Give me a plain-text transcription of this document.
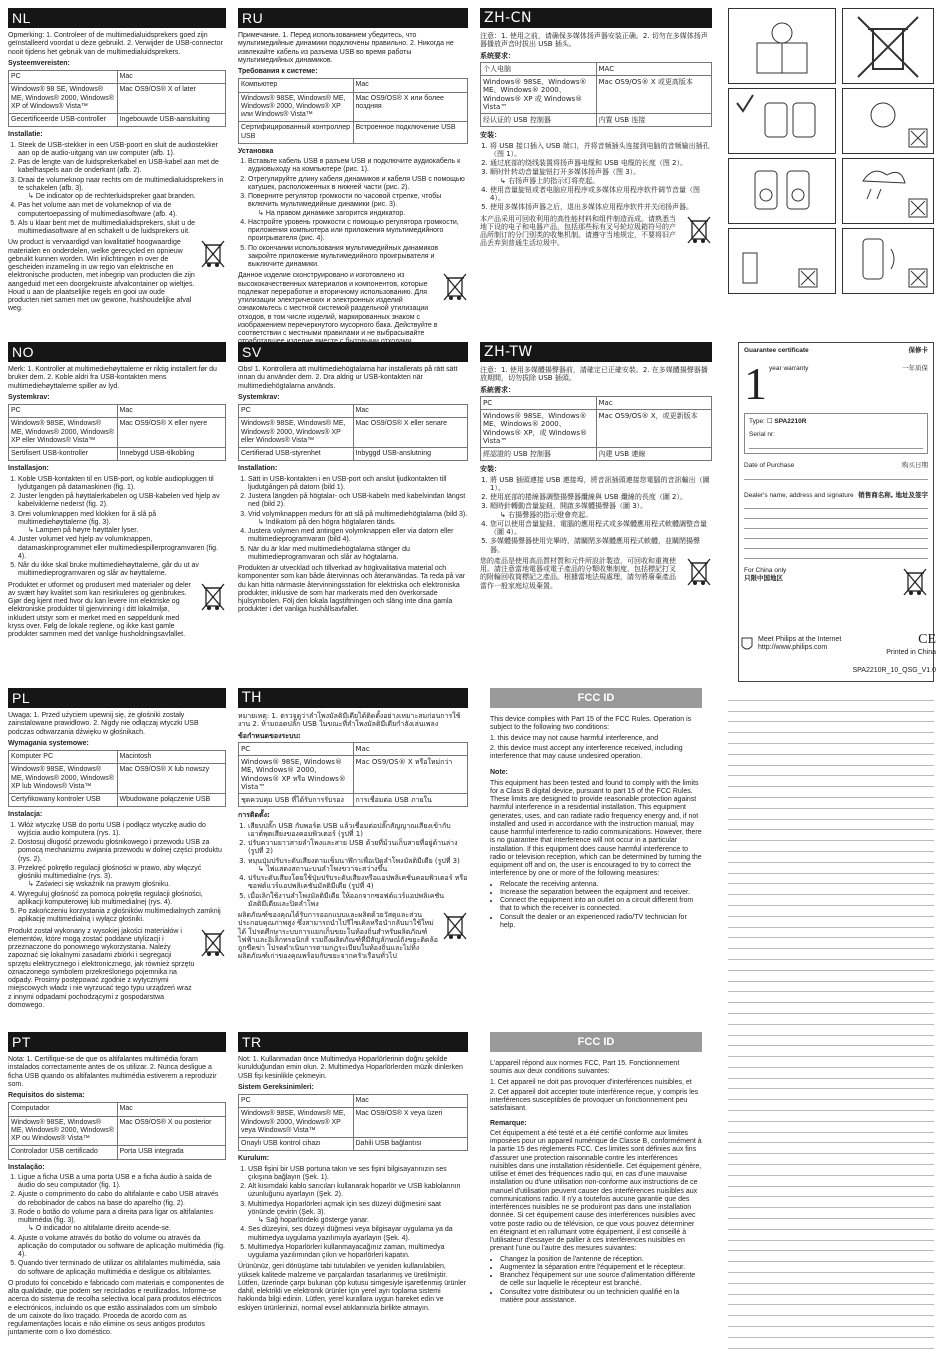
NL
Opmerking: 1. Controleer of de multimedialuidsprekers goed zijn geïnstalleerd voordat u deze gebruikt. 2. Verwijder de USB-connector nooit tijdens het gebruik van de multimedialuidsprekers.
Systeemvereisten:
PC	Mac
Windows® 98 SE, Windows® ME, Windows® 2000, Windows® XP of Windows® Vista™	Mac OS9/OS® X of later
Gecertificeerde USB-controller	Ingebouwde USB-aansluiting
Installatie:
1. Steek de USB-stekker in een USB-poort en sluit de audiostekker aan op de audio-uitgang van uw computer (afb. 1).
2. Pas de lengte van de luidsprekerkabel en USB-kabel aan met de kabelhaspels aan de onderkant (afb. 2).
3. Draai de volumeknop naar rechts om de multimedialuidsprekers in te schakelen (afb. 3).
↳ De indicator op de rechterluidspreker gaat branden.
4. Pas het volume aan met de volumeknop of via de computertoepassing of multimediasoftware (afb. 4).
5. Als u klaar bent met de multimedialuidsprekers, sluit u de multimediasoftware af en schakelt u de luidsprekers uit.
Uw product is vervaardigd van kwalitatief hoogwaardige materialen en onderdelen, welke gerecycled en opnieuw gebruikt kunnen worden. Win inlichtingen in over de gescheiden inzameling in uw regio van elektrische en elektronische producten, met inbegrip van producten die zijn aangeduid met een doorgekruiste afvalcontainer op wieltjes. Houd u aan de plaatselijke regels en gooi uw oude producten niet samen met uw gewone, huishoudelijke afval weg.
RU
Примечание. 1. Перед использованием убедитесь, что мультимедийные динамики подключены правильно. 2. Никогда не извлекайте кабель из разъема USB во время работы мультимедийных динамиков.
Требования к системе:
Компьютер	Mac
Windows® 98SE, Windows® ME, Windows® 2000, Windows® XP или Windows® Vista™	Mac OS9/OS® X или более поздняя
Сертифицированный контроллер USB	Встроенное подключение USB
Установка
1. Вставьте кабель USB в разъем USB и подключите аудиокабель к аудиовыходу на компьютере (рис. 1).
2. Отрегулируйте длину кабеля динамиков и кабеля USB с помощью катушек, расположенных в нижней части (рис. 2).
3. Поверните регулятор громкости по часовой стрелке, чтобы включить мультимедийные динамики (рис. 3).
↳ На правом динамике загорится индикатор.
4. Настройте уровень громкости с помощью регулятора громкости, приложения компьютера или приложения мультимедийного проигрывателя (рис. 4).
5. По окончании использования мультимедийных динамиков закройте приложение мультимедийного проигрывателя и выключите динамики.
Данное изделие сконструировано и изготовлено из высококачественных материалов и компонентов, которые подлежат переработке и вторичному использованию. Для утилизации электрических и электронных изделий ознакомьтесь с местной системой раздельной утилизации отходов, в том числе изделий, маркированных знаком с изображением перечеркнутого мусорного бака. Действуйте в соответствии с местными правилами и не выбрасывайте
ZH-CN
注意：1. 使用之前，请确保多媒体扬声器安装正确。2. 切勿在多媒体扬声器播放声音时拔出 USB 插头。
系统要求：
个人电脑	MAC
Windows® 98SE、Windows® ME、Windows® 2000、Windows® XP 或 Windows® Vista™	Mac OS9/OS® X 或更高版本
经认证的 USB 控制器	内置 USB 连接
安装：
1. 将 USB 接口插入 USB 端口，并将音频插头连接到电脑的音频输出插孔（图 1）。
2. 通过底部的绕线装置将扬声器电缆和 USB 电缆的长度（图 2）。
3. 顺时针转动音量旋钮打开多媒体扬声器（图 3）。
↳ 右扬声器上的指示灯将亮起。
4. 使用音量旋钮或者电脑应用程序或多媒体应用程序软件调节音量（图 4）。
5. 使用多媒体扬声器之后，退出多媒体应用程序软件并关闭扬声器。
本产品采用可回收利用的高性能材料和组件制造而成。请熟悉当地下设的电子和电器产品，包括那些标有叉号轮垃圾箱符号的产品所制订的分门别类的收集机制。请遵守当地规定，不要将旧产品丢弃到普通生活垃圾中。
NO
Merk: 1. Kontroller at multimediehøyttalerne er riktig installert før du bruker dem. 2. Koble aldri fra USB-kontakten mens multimediehøyttalerne spiller av lyd.
Systemkrav:
PC	Mac
Windows® 98SE, Windows® ME, Windows® 2000, Windows® XP eller Windows® Vista™	Mac OS9/OS® X eller nyere
Sertifisert USB-kontroller	Innebygd USB-tilkobling
Installasjon:
1. Koble USB-kontakten til en USB-port, og koble audiopluggen til lydutgangen på datamaskinen (fig. 1).
2. Juster lengden på høyttalerkabelen og USB-kabelen ved hjelp av kabelviklerne nederst (fig. 2).
3. Drei volumknappen med klokken for å slå på multimediehøyttalerne (fig. 3).
↳ Lampen på høyre høyttaler lyser.
4. Juster volumet ved hjelp av volumknappen, datamaskinprogrammet eller multimediespillerprogramvaren (fig. 4).
5. Når du ikke skal bruke multimediehøyttalerne, går du ut av multimedieprogramvaren og slår av høyttalerne.
Produktet er utformet og produsert med materialer og deler av svært høy kvalitet som kan resirkuleres og gjenbrukes. Gjør deg kjent med hvor du kan levere inn elektriske og elektroniske produkter til gjenvinning i ditt lokalmiljø, inkludert utstyr som er merket med en søppeldunk med kryss over. Følg de lokale reglene, og ikke kast gamle produkter sammen med det vanlige husholdningsavfallet.
SV
Obs! 1. Kontrollera att multimediehögtalarna har installerats på rätt sätt innan du använder dem. 2. Dra aldrig ur USB-kontakten när multimediehögtalarna används.
Systemkrav:
PC	Mac
Windows® 98SE, Windows® ME, Windows® 2000, Windows® XP eller Windows® Vista™	Mac OS9/OS® X eller senare
Certifierad USB-styrenhet	Inbyggd USB-anslutning
Installation:
1. Sätt in USB-kontakten i en USB-port och anslut ljudkontakten till ljudutgången på datorn (bild 1).
2. Justera längden på högtalar- och USB-kabeln med kabelvindan längst ned (bild 2).
3. Vrid volymknappen medurs för att slå på multimediehögtalarna (bild 3).
↳ Indikatorn på den högra högtalaren tänds.
4. Justera volymen med antingen volymknappen eller via datorn eller multimedieprogramvaran (bild 4).
5. När du är klar med multimediehögtalarna stänger du multimedieprogramvaran och slår av högtalarna.
Produkten är utvecklad och tillverkad av högkvalitativa material och komponenter som kan både återvinnas och återanvändas. Ta reda på var du kan hitta närmaste återvinningsstation för elektriska och elektroniska produkter, inklusive de som har markerats med den överkorsade hjulsymbolen. Följ den lokala lagstiftningen och släng inte dina gamla produkter i det vanliga hushållsavfallet.
ZH-TW
注意：1. 使用多媒體揚聲器前，請確定已正確安裝。2. 在多媒體揚聲器播放期間，切勿拔除 USB 插頭。
系統需求：
PC	Mac
Windows® 98SE、Windows® ME、Windows® 2000、Windows® XP，或 Windows® Vista™	Mac OS9/OS® X，或更新版本
經認證的 USB 控制器	內建 USB 連線
安裝：
1. 將 USB 插頭連接 USB 連接埠，將音訊插頭連接您電腦的音訊輸出（圖 1）。
2. 使用底部的捲線器調整揚聲器纜線與 USB 纜線的長度（圖 2）。
3. 順時針轉動音量旋鈕，開啟多媒體揚聲器（圖 3）。
↳ 右揚聲器的指示燈會亮起。
4. 您可以使用音量旋鈕、電腦的應用程式或多媒體應用程式軟體調整音量（圖 4）。
5. 多媒體揚聲器使用完畢時，請關閉多媒體應用程式軟體，並關閉揚聲器。
您的產品是使用高品質材質和元件所設計製造，可回收和重複使用。請注意當地電器或電子產品的分類收集制度，包括標記打叉的附輪回收筒標記之產品。根據當地法規處理，請勿將廢棄產品當作一般家庭垃圾棄置。
Guarantee certificate	保修卡
1 year warranty	一年质保
Type: ☐ SPA2210R
Serial nr:
Date of Purchase	购买日期
Dealer's name, address and signature 销售商名称, 地址及签字
For China only
只限中国地区
Meet Philips at the Internet
http://www.philips.com
CE
Printed in China
SPA2210R_10_QSG_V1.0
PL
Uwaga: 1. Przed użyciem upewnij się, że głośniki zostały zainstalowane prawidłowo. 2. Nigdy nie odłączaj wtyczki USB podczas odtwarzania dźwięku w głośnikach.
Wymagania systemowe:
Komputer PC	Macintosh
Windows® 98SE, Windows® ME, Windows® 2000, Windows® XP lub Windows® Vista™	Mac OS9/OS® X lub nowszy
Certyfikowany kontroler USB	Wbudowane połączenie USB
Instalacja:
1. Włóż wtyczkę USB do portu USB i podłącz wtyczkę audio do wyjścia audio komputera (rys. 1).
2. Dostosuj długość przewodu głośnikowego i przewodu USB za pomocą mechanizmu zwijania przewodu w dolnej części produktu (rys. 2).
3. Przekręć pokrętło regulacji głośności w prawo, aby włączyć głośniki multimedialne (rys. 3).
↳ Zaświeci się wskaźnik na prawym głośniku.
4. Wyreguluj głośność za pomocą pokrętła regulacji głośności, aplikacji komputerowej lub multimedialnej (rys. 4).
5. Po zakończeniu korzystania z głośników multimedialnych zamknij aplikację multimedialną i wyłącz głośniki.
Produkt został wykonany z wysokiej jakości materiałów i elementów, które mogą zostać poddane utylizacji i przeznaczone do ponownego wykorzystania. Należy zapoznać się lokalnymi zasadami zbiórki i segregacji sprzętu elektrycznego i elektronicznego, jak również sprzętu oznaczonego symbolem przekreślonego pojemnika na odpady. Prosimy postępować zgodnie z wytycznymi miejscowych władz i nie wyrzucać tego typu urządzeń wraz z innymi odpadami pochodzącymi z gospodarstwa domowego.
TH
หมายเหตุ: 1. ตรวจดูว่าลำโพงมัลติมีเดียได้ติดตั้งอย่างเหมาะสมก่อนการใช้งาน 2. ห้ามถอดปลั๊ก USB ในขณะที่ลำโพงมัลติมีเดียกำลังเล่นเพลง
ข้อกำหนดของระบบ:
PC	Mac
Windows® 98SE, Windows® ME, Windows® 2000, Windows® XP หรือ Windows® Vista™	Mac OS9/OS® X หรือใหม่กว่า
ชุดควบคุม USB ที่ได้รับการรับรอง	การเชื่อมต่อ USB ภายใน
การติดตั้ง:
1. เสียบปลั๊ก USB กับพอร์ต USB แล้วเชื่อมต่อปลั๊กสัญญาณเสียงเข้ากับเอาต์พุตเสียงของคอมพิวเตอร์ (รูปที่ 1)
2. ปรับความยาวสายลำโพงและสาย USB ด้วยที่ม้วนเก็บสายที่อยู่ด้านล่าง (รูปที่ 2)
3. หมุนปุ่มปรับระดับเสียงตามเข็มนาฬิกาเพื่อเปิดลำโพงมัลติมีเดีย (รูปที่ 3)
↳ ไฟแสดงสถานะบนลำโพงขวาจะสว่างขึ้น
4. ปรับระดับเสียงโดยใช้ปุ่มปรับระดับเสียงหรือแอปพลิเคชันคอมพิวเตอร์ หรือซอฟต์แวร์แอปพลิเคชันมัลติมีเดีย (รูปที่ 4)
5. เมื่อเลิกใช้งานลำโพงมัลติมีเดีย ให้ออกจากซอฟต์แวร์แอปพลิเคชันมัลติมีเดียและปิดลำโพง
ผลิตภัณฑ์ของคุณได้รับการออกแบบและผลิตด้วยวัสดุและส่วนประกอบคุณภาพสูง ซึ่งสามารถนำไปรีไซเคิลหรือนำกลับมาใช้ใหม่ได้ โปรดศึกษาระบบการแยกเก็บขยะในท้องถิ่นสำหรับผลิตภัณฑ์ไฟฟ้าและอิเล็กทรอนิกส์ รวมถึงผลิตภัณฑ์ที่มีสัญลักษณ์ถังขยะติดล้อถูกขีดฆ่า โปรดดำเนินการตามกฎระเบียบในท้องถิ่นและไม่ทิ้งผลิตภัณฑ์เก่าของคุณพร้อมกับขยะจากครัวเรือนทั่วไป
FCC ID

This device complies with Part 15 of the FCC Rules. Operation is subject to the following two conditions:

1. this device may not cause harmful interference, and

2. this device must accept any interference received, including interference that may cause undesired operation.

Note:

This equipment has been tested and found to comply with the limits for a Class B digital device, pursuant to part 15 of the FCC Rules. These limits are designed to provide reasonable protection against harmful interference in a residential installation. This equipment generates, uses, and can radiate radio frequency energy and, if not installed and used in accordance with the instruction manual, may cause harmful interference to radio communications. However, there is no guarantee that interference will not occur in a particular installation. If this equipment does cause harmful interference to radio or television reception, which can be determined by turning the equipment off and on, the user is encouraged to try to correct the interference by one or more of the following measures:

• Relocate the receiving antenna.
• Increase the separation between the equipment and receiver.
• Connect the equipment into an outlet on a circuit different from that to which the receiver is connected.
• Consult the dealer or an experienced radio/TV technician for help.
PT
Nota: 1. Certifique-se de que os altifalantes multimédia foram instalados correctamente antes de os utilizar. 2. Nunca desligue a ficha USB quando os altifalantes multimédia estiverem a reproduzir som.
Requisitos do sistema:
Computador	Mac
Windows® 98SE, Windows® ME, Windows® 2000, Windows® XP ou Windows® Vista™	Mac OS9/OS® X ou posterior
Controlador USB certificado	Porta USB integrada
Instalação:
1. Ligue a ficha USB a uma porta USB e a ficha áudio à saída de áudio do seu computador (fig. 1).
2. Ajuste o comprimento do cabo do altifalante e cabo USB através do rebobinador de cabos na base do aparelho (fig. 2).
3. Rode o botão do volume para a direita para ligar os altifalantes multimédia (fig. 3).
↳ O indicador no altifalante direito acende-se.
4. Ajuste o volume através do botão do volume ou através da aplicação do computador ou software de aplicação multimédia (fig. 4).
5. Quando tiver terminado de utilizar os altifalantes multimédia, saia do software de aplicação multimédia e desligue os altifalantes.
O produto foi concebido e fabricado com materiais e componentes de alta qualidade, que podem ser reciclados e reutilizados. Informe-se acerca do sistema de recolha selectiva local para produtos eléctricos e electrónicos, incluindo os que estão assinalados com um símbolo de um caixote do lixo traçado. Proceda de acordo com as regulamentações locais e não elimine os seus antigos produtos juntamente com o lixo doméstico.
TR
Not: 1. Kullanmadan önce Multimedya Hoparlörlerinin doğru şekilde kurulduğundan emin olun. 2. Multimedya Hoparlörlerden müzik dinlerken USB fişi kesinlikle çekmeyin.
Sistem Gereksinimleri:
PC	Mac
Windows® 98SE, Windows® ME, Windows® 2000, Windows® XP veya Windows® Vista™	Mac OS9/OS® X veya üzeri
Onaylı USB kontrol cihazı	Dahili USB bağlantısı
Kurulum:
1. USB fişini bir USB portuna takın ve ses fişini bilgisayarınızın ses çıkışına bağlayın (Şek. 1).
2. Alt kısımdaki kablo sarıcıları kullanarak hoparlör ve USB kablolarının uzunluğunu ayarlayın (Şek. 2).
3. Multimedya Hoparlörleri açmak için ses düzeyi düğmesini saat yönünde çevirin (Şek. 3).
↳ Sağ hoparlördeki gösterge yanar.
4. Ses düzeyini, ses düzeyi düğmesi veya bilgisayar uygulama ya da multimedya uygulama yazılımıyla ayarlayın (Şek. 4).
5. Multimedya Hoparlörleri kullanmayacağınız zaman, multimedya uygulama yazılımından çıkın ve hoparlörleri kapatın.
Ürününüz, geri dönüşüme tabi tutulabilen ve yeniden kullanılabilen, yüksek kalitede malzeme ve parçalardan tasarlanmış ve üretilmiştir. Lütfen, üzerinde çarpı bulunan çöp kutusu simgesiyle işaretlenmiş ürünler dahil, elektrikli ve elektronik ürünler için yerel ayrı toplama sistemi hakkında bilgi edinin. Lütfen, yerel kurallara uygun hareket edin ve eskiyen ürünlerinizi, normal evsel atıklarınızla birlikte atmayın.
FCC ID

L'appareil répond aux normes FCC, Part 15. Fonctionnement soumis aux deux conditions suivantes:

1. Cet appareil ne doit pas provoquer d'interférences nuisibles, et

2. Cet appareil doit accepter toute interférence reçue, y compris les interférences susceptibles de provoquer un fonctionnement peu satisfaisant.

Remarque:

Cet équipement a été testé et a été certifié conforme aux limites imposées pour un appareil numérique de Classe B, conformément à la partie 15 des règlements FCC. Ces limites sont définies aux fins d'assurer une protection raisonnable contre les interférences nuisibles dans une installation résidentielle. Cet équipement génère, utilise et émet des fréquences radio qui, en cas d'une mauvaise installation ou d'une utilisation non-conforme aux instructions de ce manuel d'utilisation peuvent causer des interférences nuisibles aux communications radio. Il n'y a toutefois aucune garantie que des interférences nuisibles ne se produiront pas dans une installation donnée. Si cet équipement cause des interférences nuisibles avec votre poste radio ou de télévision, ce que vous pouvez déterminer en éteignant et en rallumant votre équipement, il est conseillé à l'utilisateur d'essayer de pallier à ces interférences nuisibles en prenant l'une ou l'autre des mesures suivantes:

• Changez la position de l'antenne de réception.
• Augmentez la séparation entre l'équipement et le récepteur.
• Branchez l'équipement sur une source d'alimentation différente de celle sur laquelle le récepteur est branché.
• Consultez votre distributeur ou un technicien qualifié en la matière pour assistance.
